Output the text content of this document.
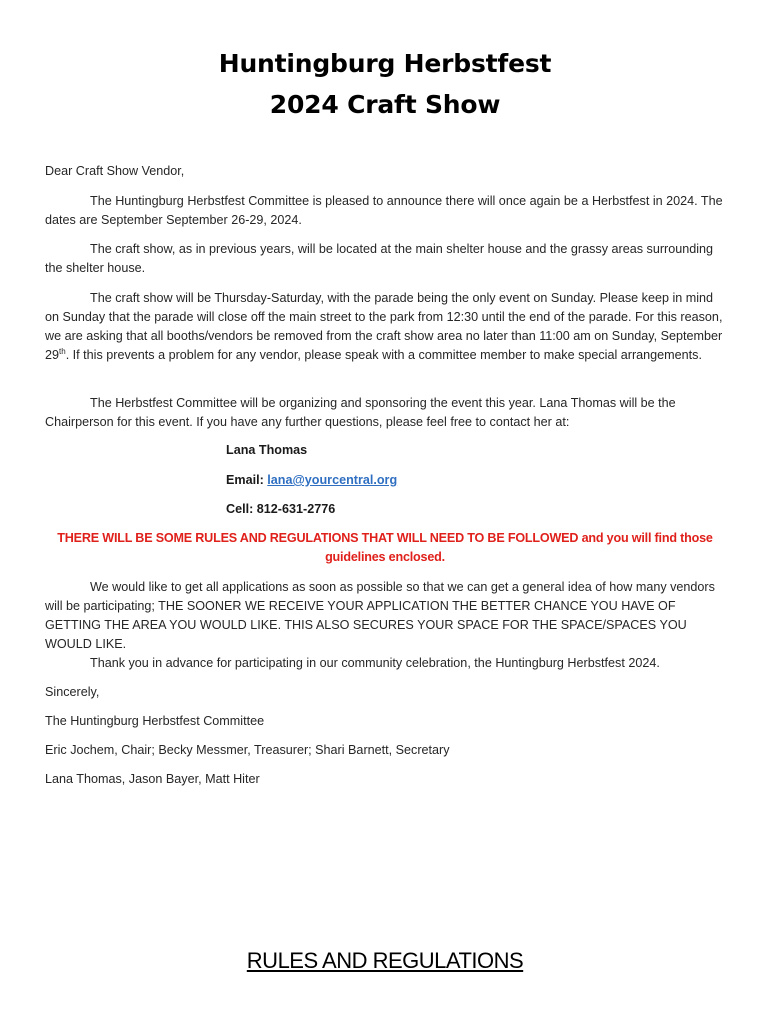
Huntingburg Herbstfest
2024 Craft Show
Dear Craft Show Vendor,

The Huntingburg Herbstfest Committee is pleased to announce there will once again be a Herbstfest in 2024. The dates are September September 26-29, 2024.

The craft show, as in previous years, will be located at the main shelter house and the grassy areas surrounding the shelter house.

The craft show will be Thursday-Saturday, with the parade being the only event on Sunday. Please keep in mind on Sunday that the parade will close off the main street to the park from 12:30 until the end of the parade. For this reason, we are asking that all booths/vendors be removed from the craft show area no later than 11:00 am on Sunday, September 29th. If this prevents a problem for any vendor, please speak with a committee member to make special arrangements.

The Herbstfest Committee will be organizing and sponsoring the event this year. Lana Thomas will be the Chairperson for this event. If you have any further questions, please feel free to contact her at:

Lana Thomas
Email: lana@yourcentral.org
Cell: 812-631-2776
THERE WILL BE SOME RULES AND REGULATIONS THAT WILL NEED TO BE FOLLOWED and you will find those guidelines enclosed.

We would like to get all applications as soon as possible so that we can get a general idea of how many vendors will be participating; THE SOONER WE RECEIVE YOUR APPLICATION THE BETTER CHANCE YOU HAVE OF GETTING THE AREA YOU WOULD LIKE. THIS ALSO SECURES YOUR SPACE FOR THE SPACE/SPACES YOU WOULD LIKE.

Thank you in advance for participating in our community celebration, the Huntingburg Herbstfest 2024.

Sincerely,
The Huntingburg Herbstfest Committee
Eric Jochem, Chair; Becky Messmer, Treasurer; Shari Barnett, Secretary
Lana Thomas, Jason Bayer, Matt Hiter
RULES AND REGULATIONS
